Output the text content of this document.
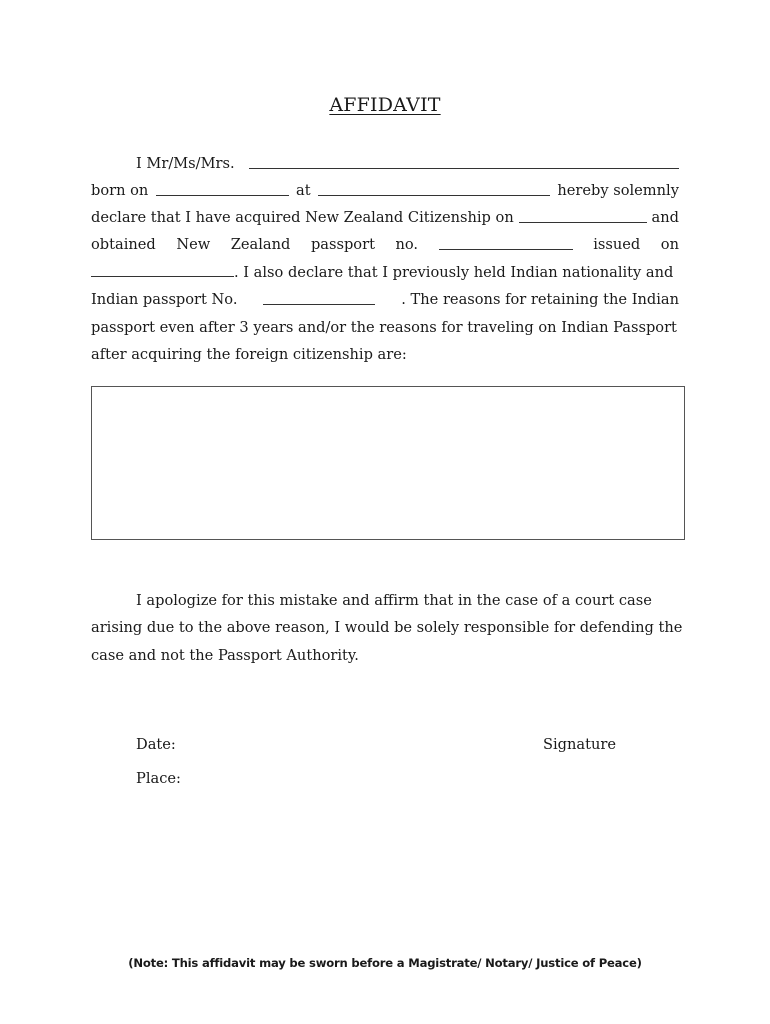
AFFIDAVIT
I Mr/Ms/Mrs.
born on	at	hereby solemnly
declare that I have acquired New Zealand Citizenship on	and
obtained New Zealand passport no.	issued on
. I also declare that I previously held Indian nationality and
Indian passport No.	. The reasons for retaining the Indian
passport even after 3 years and/or the reasons for traveling on Indian Passport
after acquiring the foreign citizenship are:
I apologize for this mistake and affirm that in the case of a court case
arising due to the above reason, I would be solely responsible for defending the
case and not the Passport Authority.
Date:	Signature
Place:
(Note: This affidavit may be sworn before a Magistrate/ Notary/ Justice of Peace)
